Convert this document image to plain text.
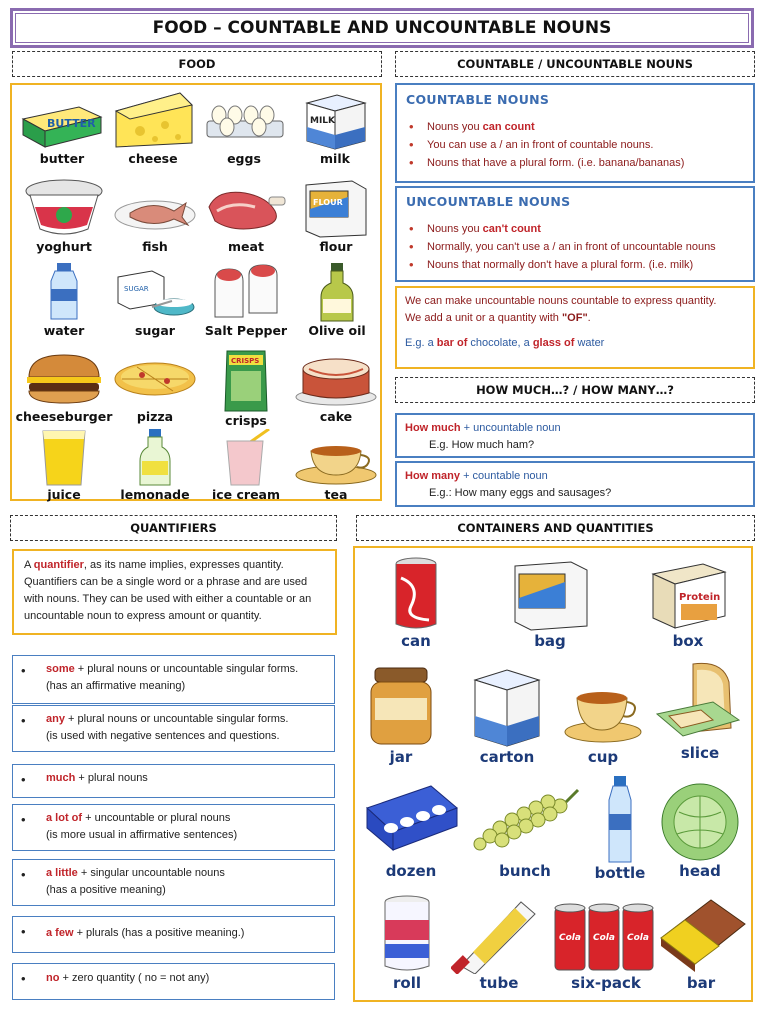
FOOD – COUNTABLE AND UNCOUNTABLE NOUNS
FOOD	COUNTABLE / UNCOUNTABLE NOUNS
BUTTER
butter	cheese	eggs
MILK
milk
yoghurt	fish	meat
FLOUR
flour
water
SUGAR
sugar	Salt Pepper	Olive oil
cheeseburger	pizza
CRISPS
crisps	cake
juice	lemonade	ice cream	tea
COUNTABLE NOUNS
• Nouns you can count
• You can use a / an in front of countable nouns.
• Nouns that have a plural form. (i.e. banana/bananas)
UNCOUNTABLE NOUNS
• Nouns you can't count
• Normally, you can't use a / an in front of uncountable nouns
• Nouns that normally don't have a plural form. (i.e. milk)
We can make uncountable nouns countable to express quantity.
We add a unit or a quantity with "OF".
E.g. a bar of chocolate, a glass of water
HOW MUCH…? / HOW MANY…?
How much + uncountable noun
E.g. How much ham?
How many + countable noun
E.g.: How many eggs and sausages?
QUANTIFIERS	CONTAINERS AND QUANTITIES
A quantifier, as its name implies, expresses quantity. Quantifiers can be a single word or a phrase and are used with nouns. They can be used with either a countable or an uncountable noun to express amount or quantity.
• some + plural nouns or uncountable singular forms.
(has an affirmative meaning)
• any + plural nouns or uncountable singular forms.
(is used with negative sentences and questions.
• much + plural nouns
• a lot of + uncountable or plural nouns
(is more usual in affirmative sentences)
• a little + singular uncountable nouns
(has a positive meaning)
• a few + plurals (has a positive meaning.)
• no + zero quantity ( no = not any)
can	bag
Protein
box
jar	carton	cup	slice
dozen	bunch	bottle	head
roll	tube
Cola Cola Cola
six-pack	bar
